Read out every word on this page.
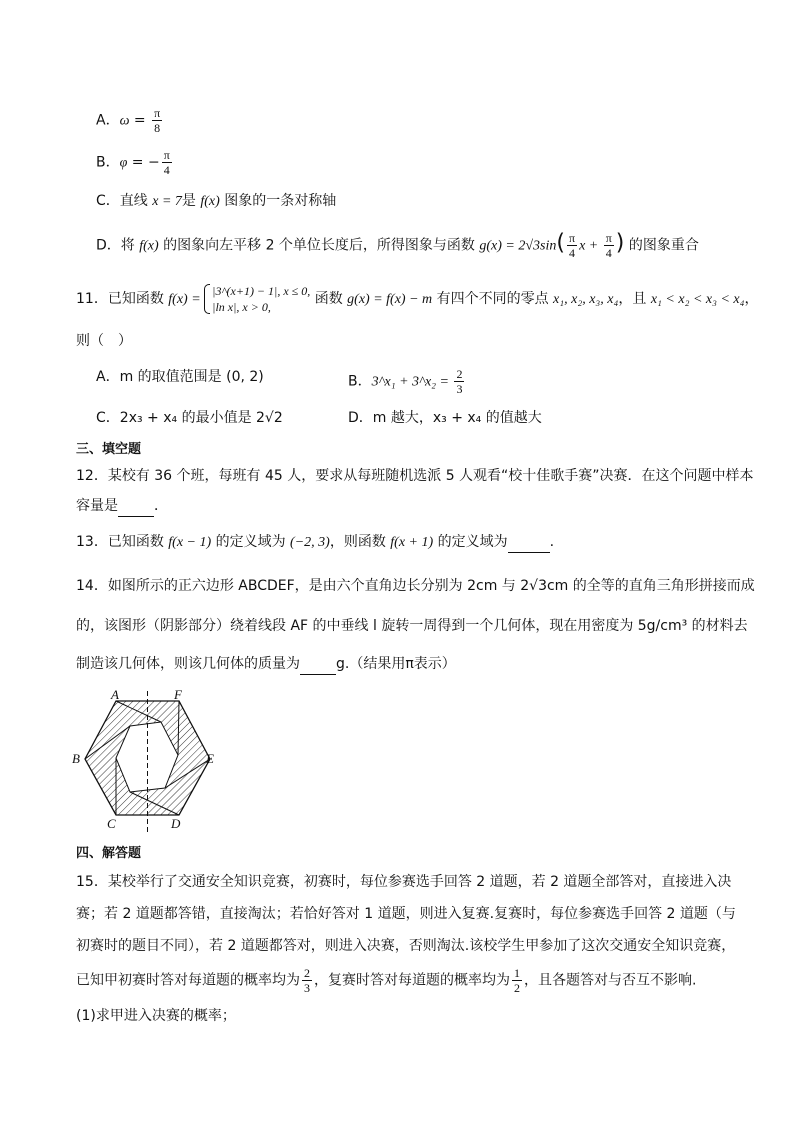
A．$\omega = \frac{\pi}{8}$
B．φ = − $\frac{\pi}{4}$
C．直线 x = 7是 f(x) 图象的一条对称轴
D．将 f(x) 的图象向左平移 2 个单位长度后，所得图象与函数 $g(x) = 2√3\sin( \frac{\pi}{4}$ $x + \frac{\pi}{4}$ ) 的图象重合
11．已知函数 f(x) =
|3^(x+1) − 1|, x ≤ 0,
|ln x|, x > 0,	函数 g(x) = f(x) − m 有四个不同的零点 x₁, x₂, x₃, x₄，且 x₁ < x₂ < x₃ < x₄，
则（　）
A．m 的取值范围是 (0, 2)	B．3^x₁ + 3^x₂ = $\frac{2}{3}$
C．2x₃ + x₄ 的最小值是 2√2	D．m 越大，x₃ + x₄ 的值越大
三、填空题
12．某校有 36 个班，每班有 45 人，要求从每班随机选派 5 人观看“校十佳歌手赛”决赛．在这个问题中样本
容量是	．
13．已知函数 f(x − 1) 的定义域为 (−2, 3)，则函数 f(x + 1) 的定义域为	.
14．如图所示的正六边形 ABCDEF，是由六个直角边长分别为 2cm 与 2√3cm 的全等的直角三角形拼接而成
的，该图形（阴影部分）绕着线段 AF 的中垂线 l 旋转一周得到一个几何体，现在用密度为 5g/cm³ 的材料去
制造该几何体，则该几何体的质量为	g.（结果用π表示）
A	F
B	E
C	D
四、解答题
15．某校举行了交通安全知识竞赛，初赛时，每位参赛选手回答 2 道题，若 2 道题全部答对，直接进入决
赛；若 2 道题都答错，直接淘汰；若恰好答对 1 道题，则进入复赛.复赛时，每位参赛选手回答 2 道题（与
初赛时的题目不同），若 2 道题都答对，则进入决赛，否则淘汰.该校学生甲参加了这次交通安全知识竞赛，
已知甲初赛时答对每道题的概率均为 $\frac{2}{3}$ ，复赛时答对每道题的概率均为 $\frac{1}{2}$ ，且各题答对与否互不影响.
(1)求甲进入决赛的概率；
